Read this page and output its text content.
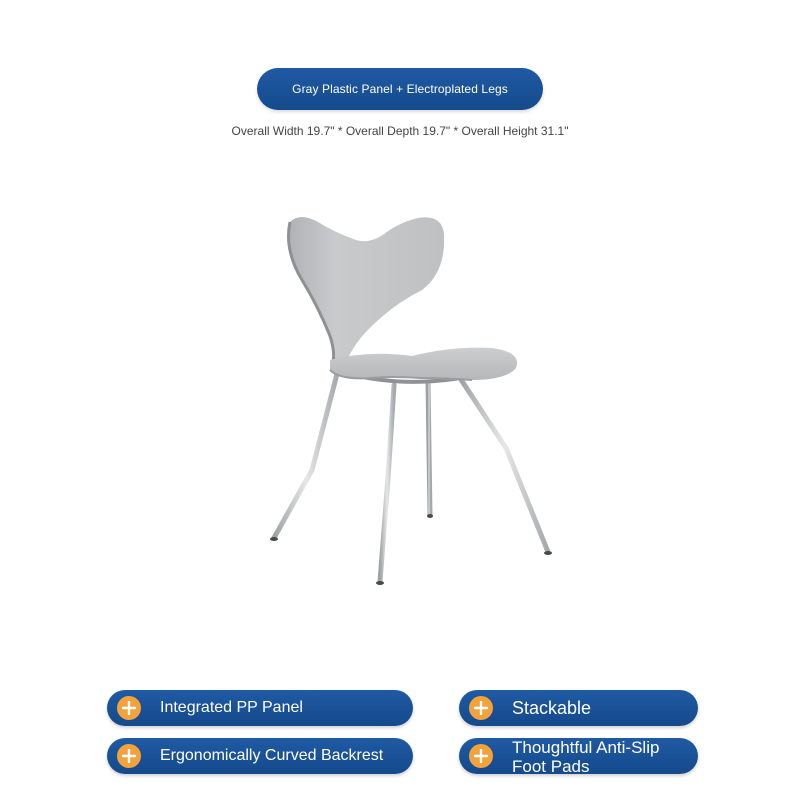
Gray Plastic Panel + Electroplated Legs
Overall Width 19.7" * Overall Depth 19.7" * Overall Height 31.1"
Integrated PP Panel	Stackable
Ergonomically Curved Backrest	Thoughtful Anti-Slip
Foot Pads
